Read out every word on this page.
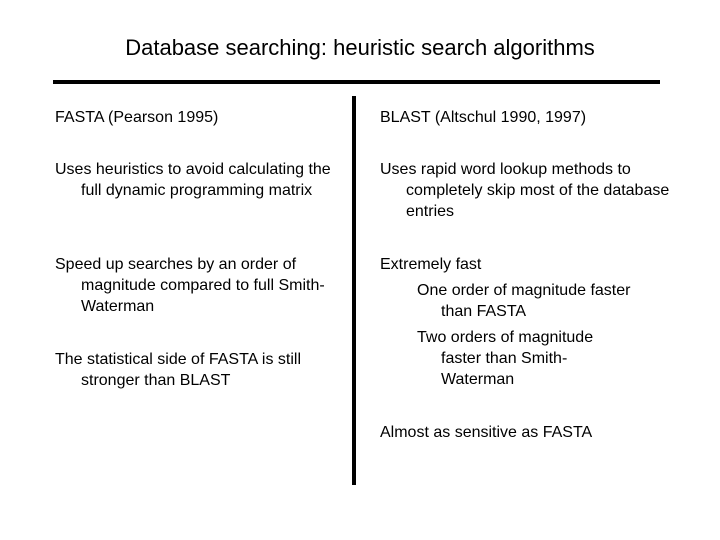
Database searching: heuristic search algorithms
FASTA (Pearson 1995)
Uses heuristics to avoid calculating the full dynamic programming matrix
Speed up searches by an order of magnitude compared to full Smith-Waterman
The statistical side of FASTA is still stronger than BLAST
BLAST (Altschul 1990, 1997)
Uses rapid word lookup methods to completely skip most of the database entries
Extremely fast
One order of magnitude faster than FASTA
Two orders of magnitude faster than Smith-Waterman
Almost as sensitive as FASTA
